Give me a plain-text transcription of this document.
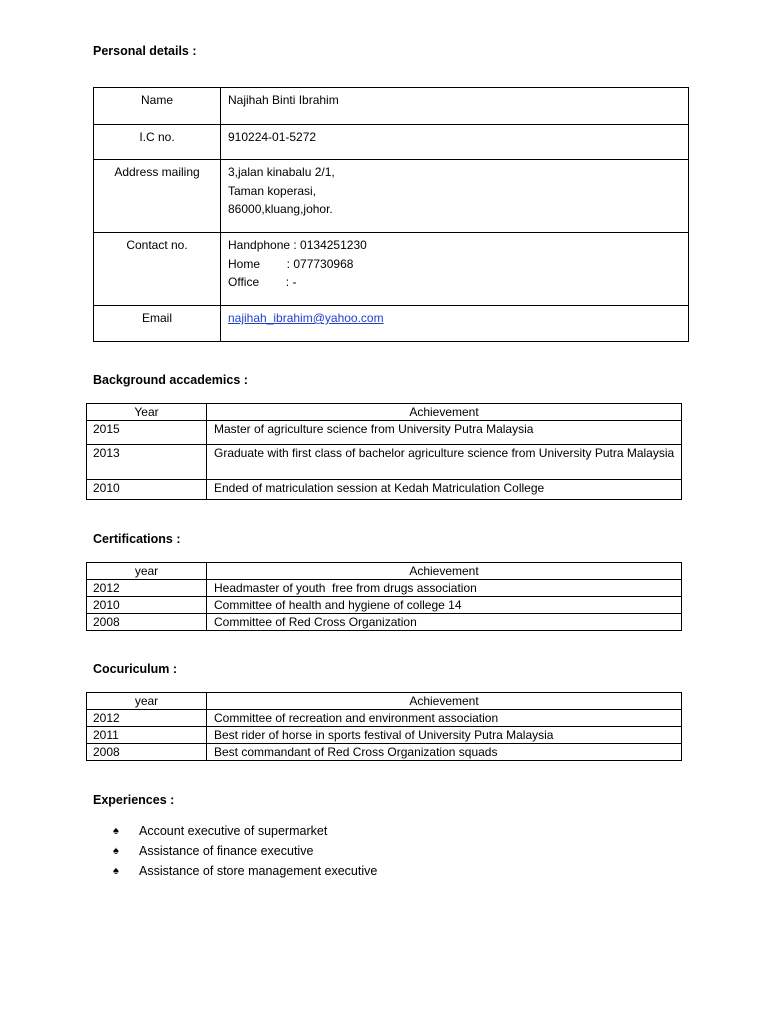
Personal details :
Name	Najihah Binti Ibrahim
I.C no.	910224-01-5272
Address mailing	3,jalan kinabalu 2/1,
Taman koperasi,
86000,kluang,johor.

Contact no.	Handphone : 0134251230
Home        : 077730968
Office        : -

Email	najihah_ibrahim@yahoo.com
Background accademics :
Year	Achievement
2015	Master of agriculture science from University Putra Malaysia
2013	Graduate with first class of bachelor agriculture science from University Putra Malaysia
2010	Ended of matriculation session at Kedah Matriculation College
Certifications :
year	Achievement
2012	Headmaster of youth  free from drugs association
2010	Committee of health and hygiene of college 14
2008	Committee of Red Cross Organization
Cocuriculum :
year	Achievement
2012	Committee of recreation and environment association
2011	Best rider of horse in sports festival of University Putra Malaysia
2008	Best commandant of Red Cross Organization squads
Experiences :
♠ Account executive of supermarket
♠ Assistance of finance executive
♠ Assistance of store management executive
